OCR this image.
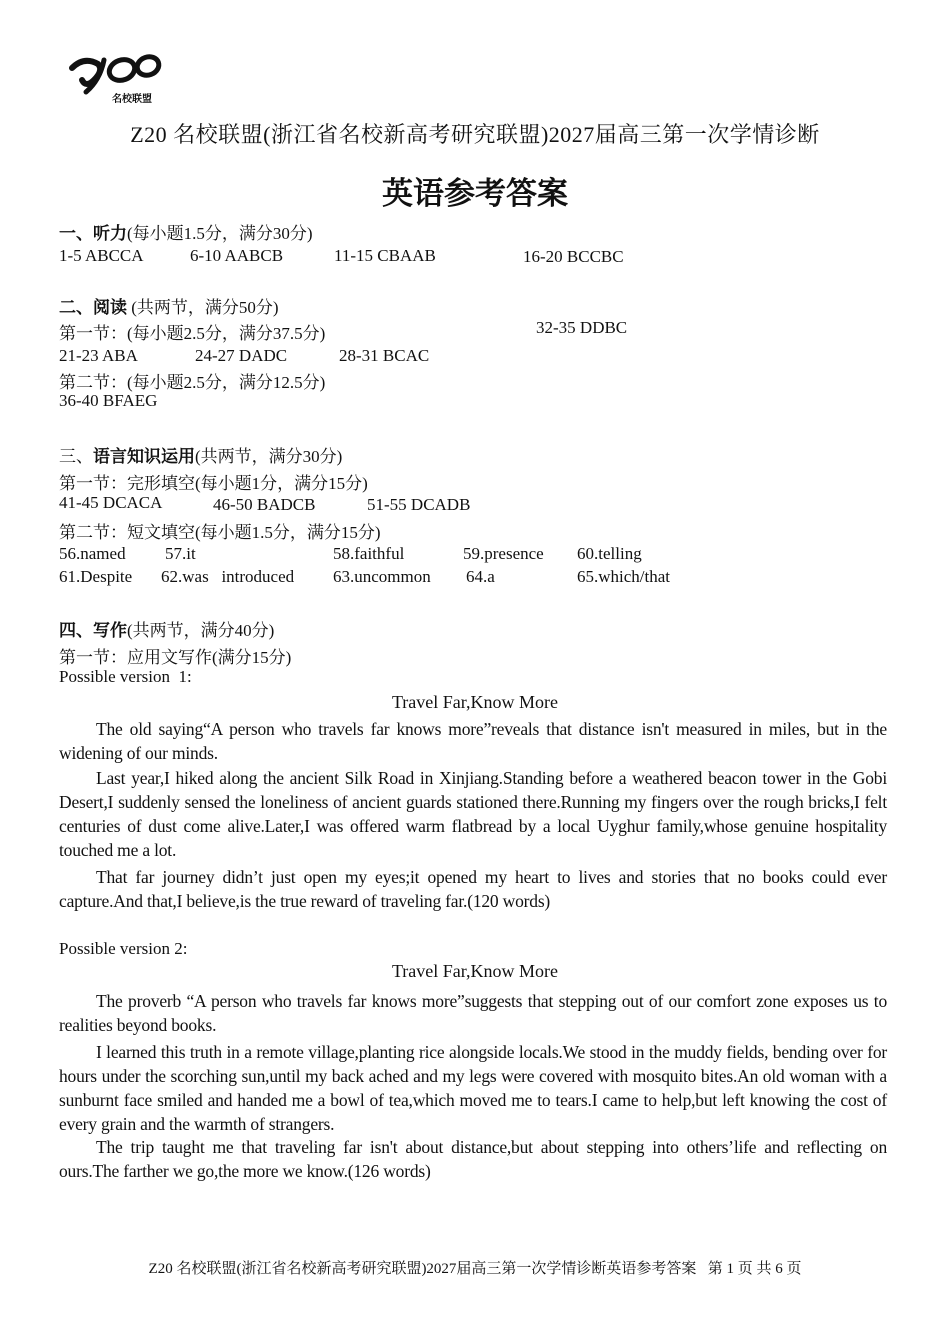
名校联盟
Z20 名校联盟(浙江省名校新高考研究联盟)2027届高三第一次学情诊断
英语参考答案
一、听力(每小题1.5分，满分30分)
1-5 ABCCA	6-10 AABCB	11-15 CBAAB	16-20 BCCBC
二、阅读 (共两节，满分50分)
第一节：(每小题2.5分，满分37.5分)	32-35 DDBC
21-23 ABA	24-27 DADC	28-31 BCAC
第二节：(每小题2.5分，满分12.5分)
36-40 BFAEG
三、语言知识运用(共两节，满分30分)
第一节：完形填空(每小题1分，满分15分)
41-45 DCACA	46-50 BADCB	51-55 DCADB
第二节：短文填空(每小题1.5分，满分15分)
56.named 57.it	58.faithful	59.presence 60.telling
61.Despite 62.was   introduced 63.uncommon 64.a	65.which/that
四、写作(共两节，满分40分)
第一节：应用文写作(满分15分)
Possible version  1:
Travel Far,Know More
The old saying“A person who travels far knows more”reveals that distance isn't measured in miles, but in the widening of our minds.
Last year,I hiked along the ancient Silk Road in Xinjiang.Standing before a weathered beacon tower in the Gobi Desert,I suddenly sensed the loneliness of ancient guards stationed there.Running my fingers over the rough bricks,I felt centuries of dust come alive.Later,I was offered warm flatbread by a local Uyghur family,whose genuine hospitality touched me a lot.
That far journey didn’t just open my eyes;it opened my heart to lives and stories that no books could ever capture.And that,I believe,is the true reward of traveling far.(120 words)
Possible version 2:
Travel Far,Know More
The proverb “A person who travels far knows more”suggests that stepping out of our comfort zone exposes us to realities beyond books.
I learned this truth in a remote village,planting rice alongside locals.We stood in the muddy fields, bending over for hours under the scorching sun,until my back ached and my legs were covered with mosquito bites.An old woman with a sunburnt face smiled and handed me a bowl of tea,which moved me to tears.I came to help,but left knowing the cost of every grain and the warmth of strangers.
The trip taught me that traveling far isn't about distance,but about stepping into others’life and reflecting on ours.The farther we go,the more we know.(126 words)
Z20 名校联盟(浙江省名校新高考研究联盟)2027届高三第一次学情诊断英语参考答案   第 1 页 共 6 页
